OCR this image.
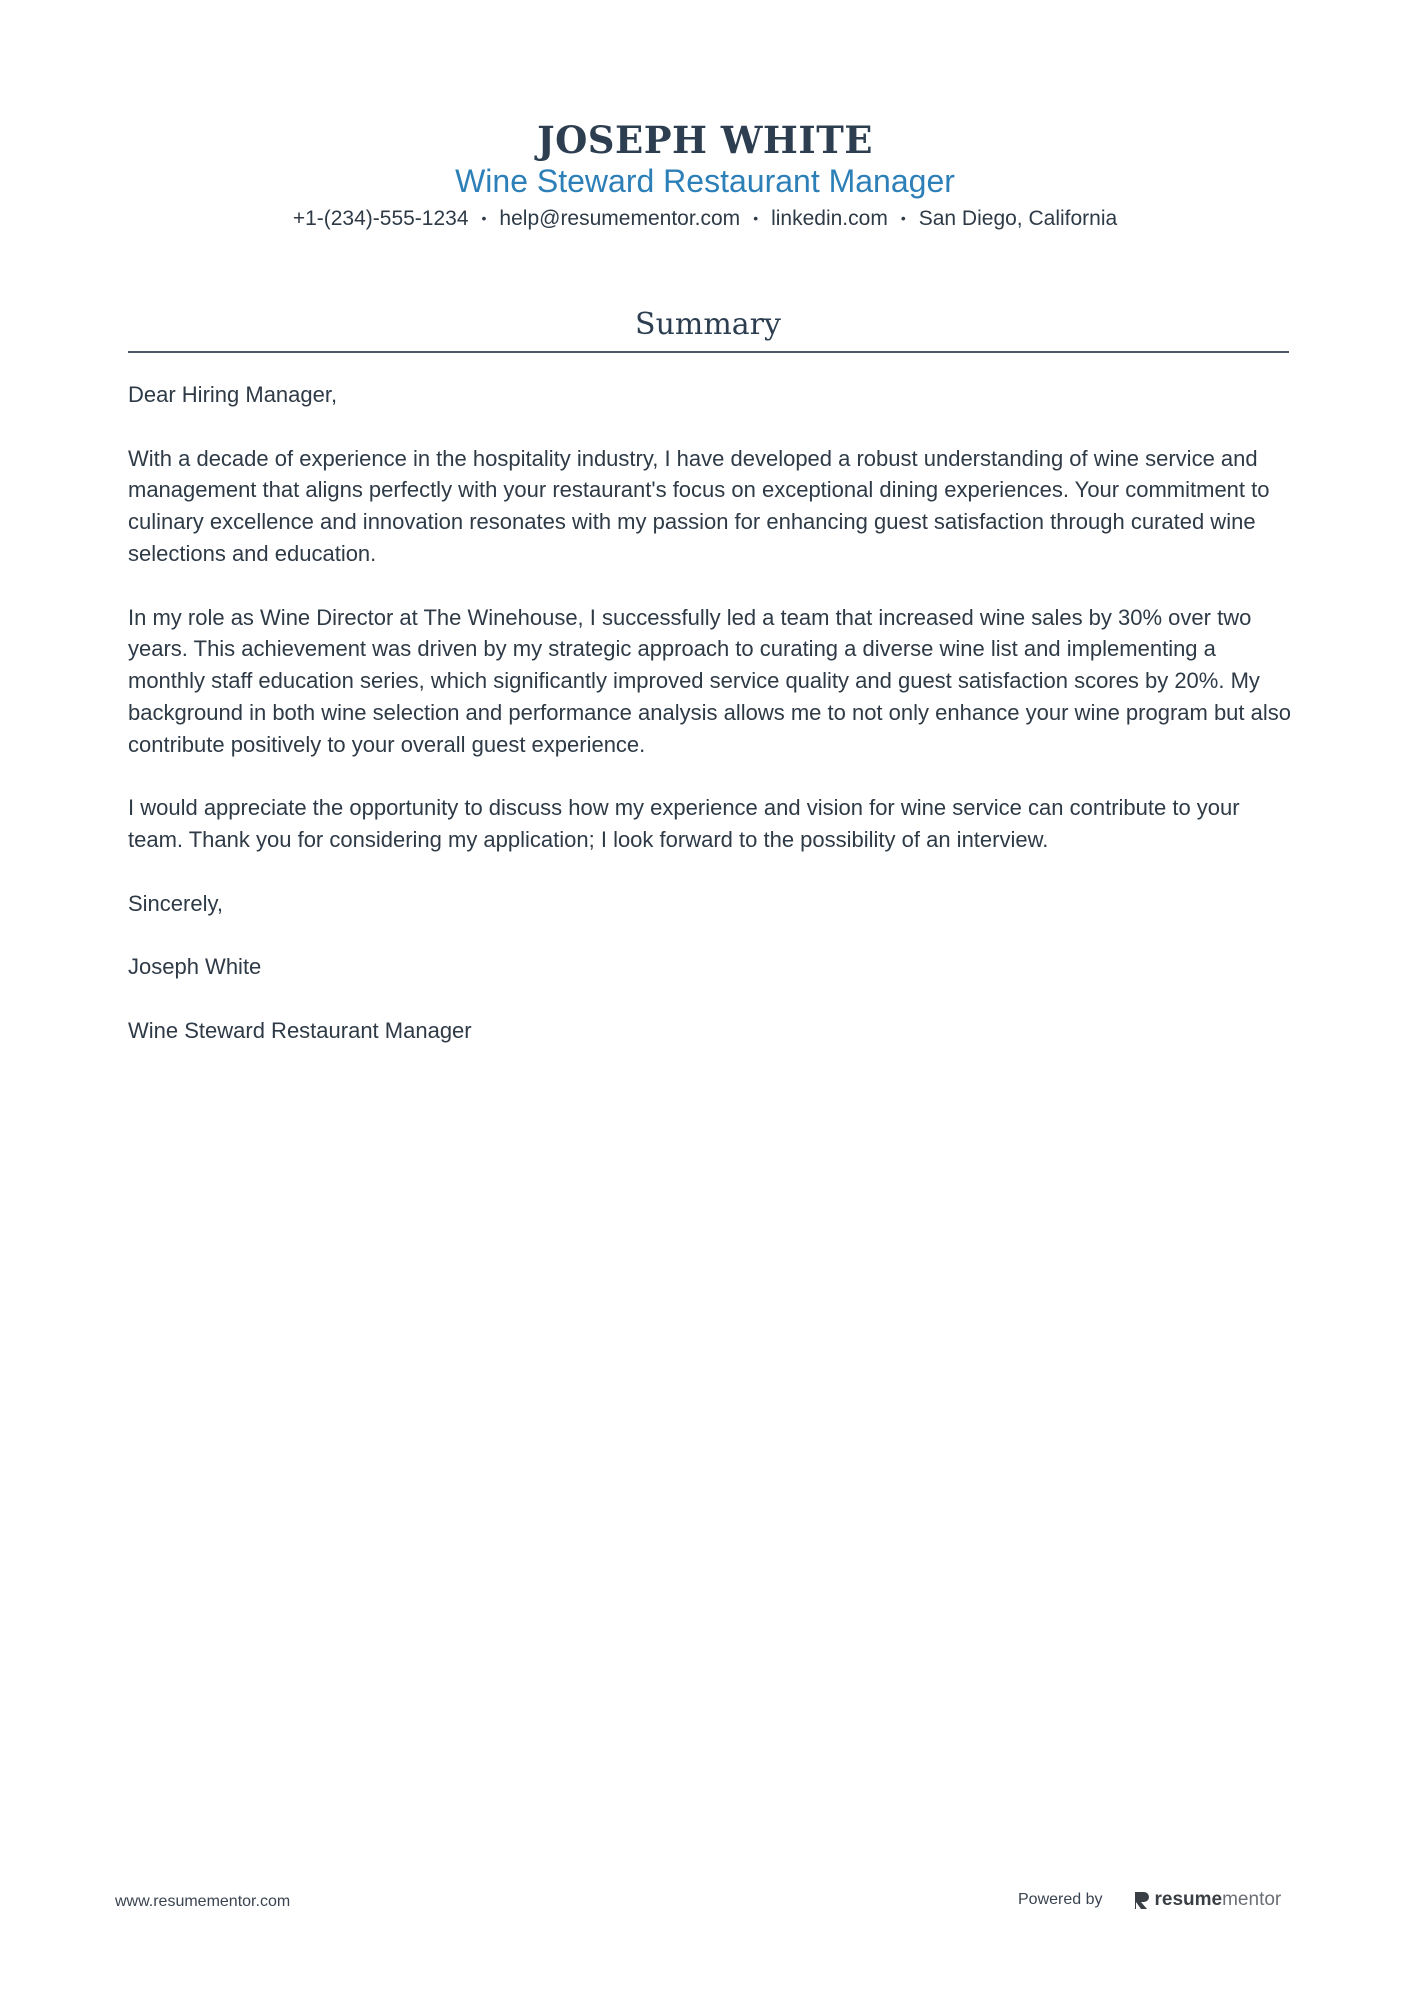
JOSEPH WHITE
Wine Steward Restaurant Manager
+1-(234)-555-1234 • help@resumementor.com • linkedin.com • San Diego, California
Summary

Dear Hiring Manager,

With a decade of experience in the hospitality industry, I have developed a robust understanding of wine service and management that aligns perfectly with your restaurant's focus on exceptional dining experiences. Your commitment to culinary excellence and innovation resonates with my passion for enhancing guest satisfaction through curated wine selections and education.

In my role as Wine Director at The Winehouse, I successfully led a team that increased wine sales by 30% over two years. This achievement was driven by my strategic approach to curating a diverse wine list and implementing a monthly staff education series, which significantly improved service quality and guest satisfaction scores by 20%. My background in both wine selection and performance analysis allows me to not only enhance your wine program but also contribute positively to your overall guest experience.

I would appreciate the opportunity to discuss how my experience and vision for wine service can contribute to your team. Thank you for considering my application; I look forward to the possibility of an interview.

Sincerely,

Joseph White

Wine Steward Restaurant Manager

www.resumementor.com	Powered by	resume mentor
